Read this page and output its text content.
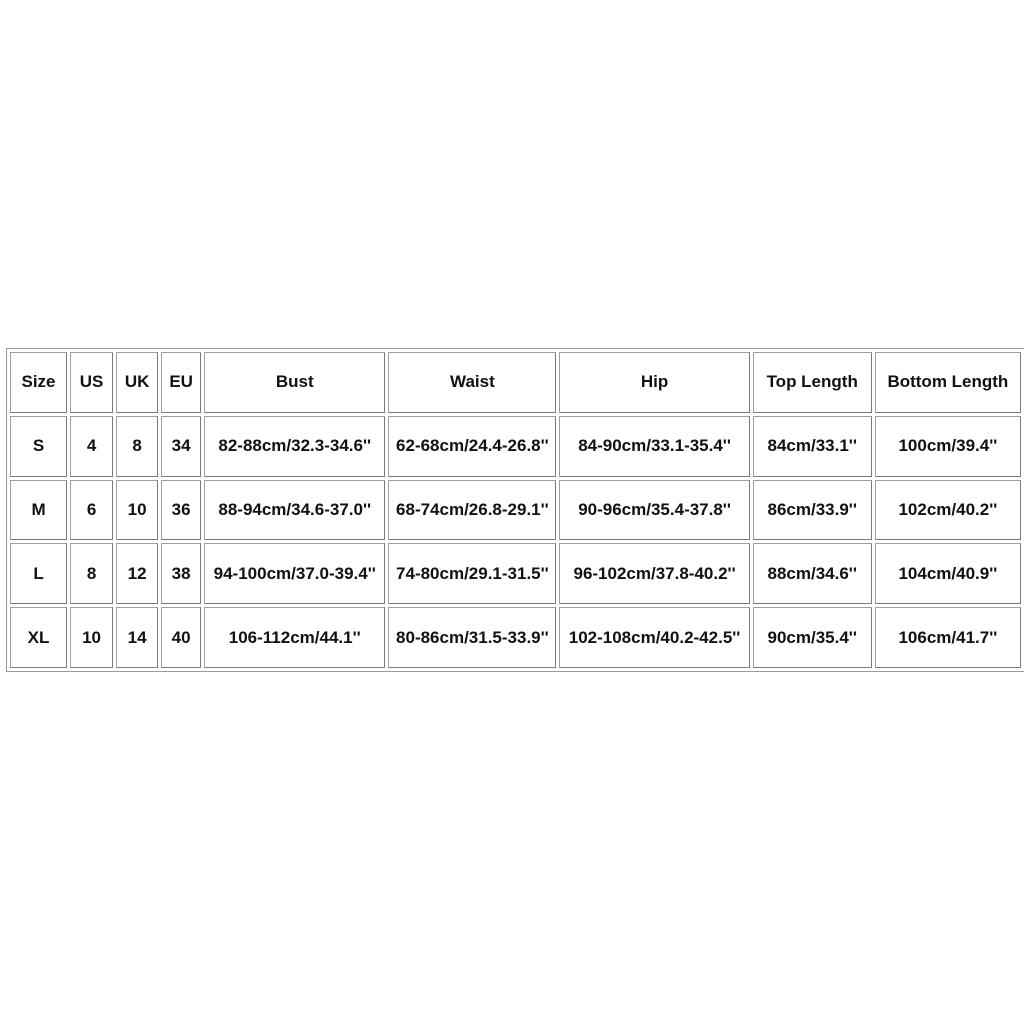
Size	US	UK	EU	Bust	Waist	Hip	Top Length	Bottom Length
S	4	8	34	82-88cm/32.3-34.6''	62-68cm/24.4-26.8''	84-90cm/33.1-35.4''	84cm/33.1''	100cm/39.4''
M	6	10	36	88-94cm/34.6-37.0''	68-74cm/26.8-29.1''	90-96cm/35.4-37.8''	86cm/33.9''	102cm/40.2''
L	8	12	38	94-100cm/37.0-39.4''	74-80cm/29.1-31.5''	96-102cm/37.8-40.2''	88cm/34.6''	104cm/40.9''
XL	10	14	40	106-112cm/44.1''	80-86cm/31.5-33.9''	102-108cm/40.2-42.5''	90cm/35.4''	106cm/41.7''
